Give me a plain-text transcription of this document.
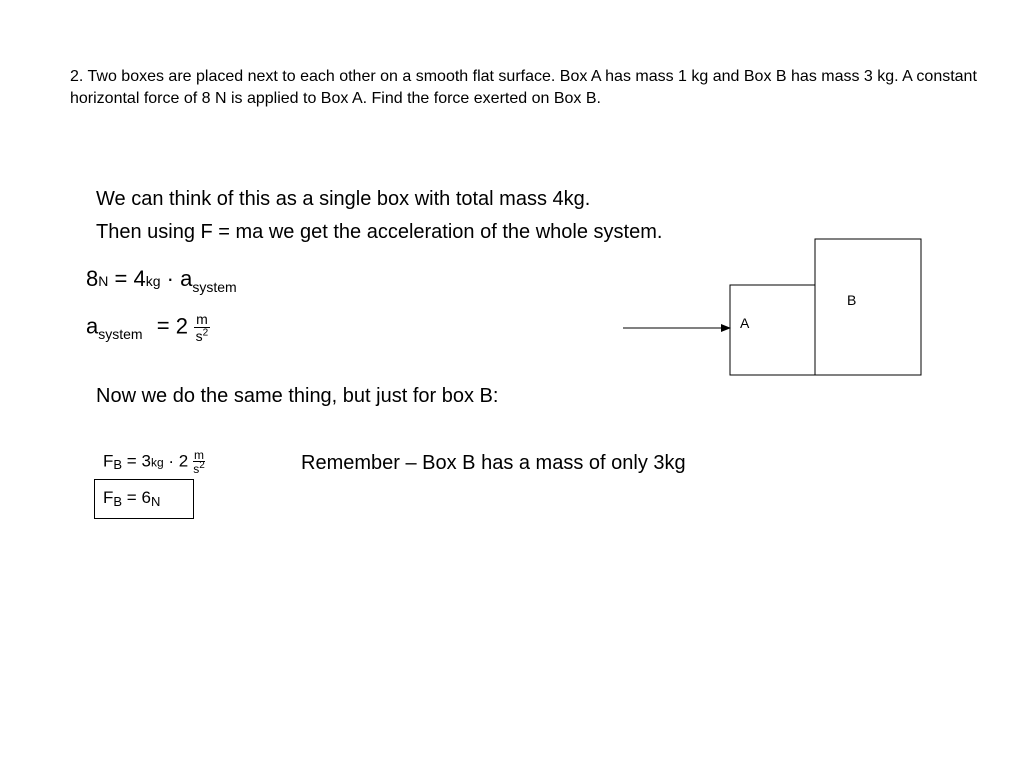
2. Two boxes are placed next to each other on a smooth flat surface. Box A has mass 1 kg and Box B has mass 3 kg. A constant horizontal force of 8 N is applied to Box A. Find the force exerted on Box B.
We can think of this as a single box with total mass 4kg.
Then using F = ma we get the acceleration of the whole system.
$8N = 4kg \cdot a_{system}$
$a_{system} = 2 \frac{m}{s^2}$
Now we do the same thing, but just for box B:
FB = $3kg \cdot 2 \frac{m}{s^2}$	Remember – Box B has a mass of only 3kg
FB = 6N
A
B
